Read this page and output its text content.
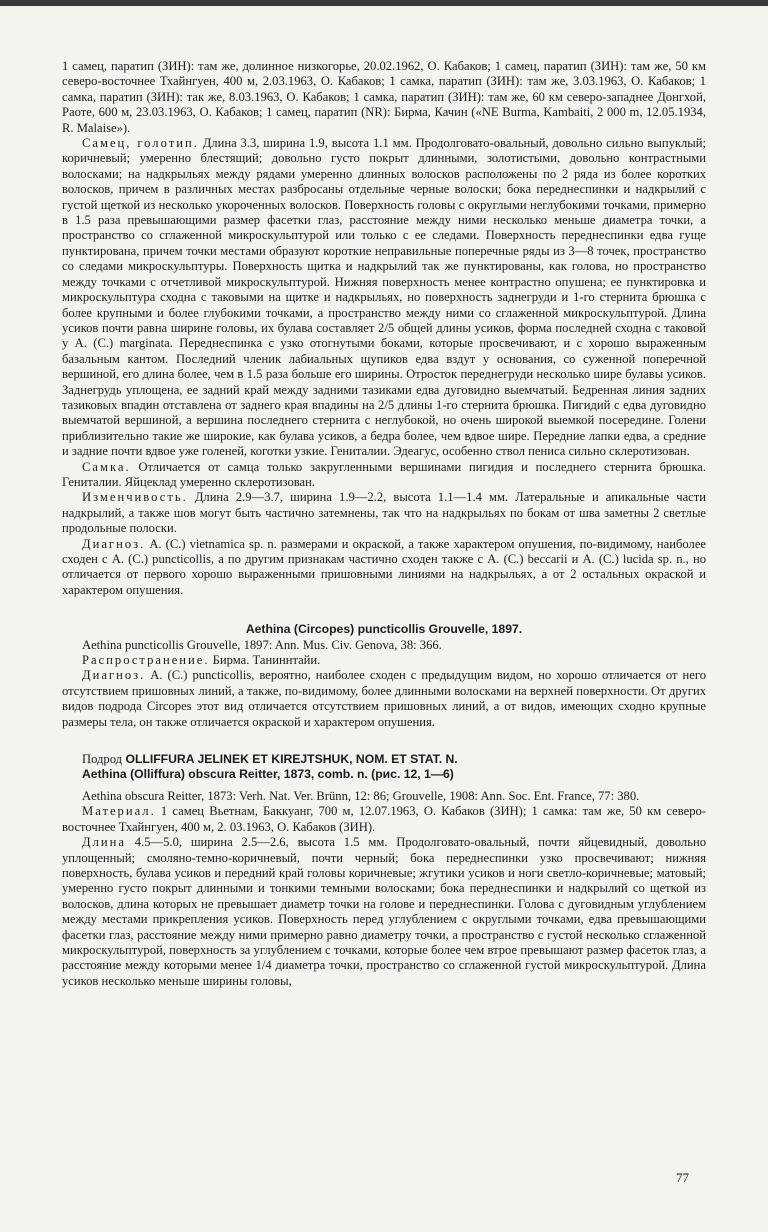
1 самец, паратип (ЗИН): там же, долинное низкогорье, 20.02.1962, О. Кабаков; 1 самец, паратип (ЗИН): там же, 50 км северо-восточнее Тхайнгуен, 400 м, 2.03.1963, О. Кабаков; 1 самка, паратип (ЗИН): там же, 3.03.1963, О. Кабаков; 1 самка, паратип (ЗИН): так же, 8.03.1963, О. Кабаков; 1 самка, паратип (ЗИН): там же, 60 км северо-западнее Донгхой, Раоте, 600 м, 23.03.1963, О. Кабаков; 1 самец, паратип (NR): Бирма, Качин («NE Burma, Kambaiti, 2 000 m, 12.05.1934, R. Malaise»).

Самец, голотип. Длина 3.3, ширина 1.9, высота 1.1 мм. Продолговато-овальный, довольно сильно выпуклый; коричневый; умеренно блестящий; довольно густо покрыт длинными, золотистыми, довольно контрастными волосками; на надкрыльях между рядами умеренно длинных волосков расположены по 2 ряда из более коротких волосков, причем в различных местах разбросаны отдельные черные волоски; бока переднеспинки и надкрылий с густой щеткой из несколько укороченных волосков. Поверхность головы с округлыми неглубокими точками, примерно в 1.5 раза превышающими размер фасетки глаз, расстояние между ними несколько меньше диаметра точки, а пространство со сглаженной микроскульптурой или только с ее следами. Поверхность переднеспинки едва гуще пунктирована, причем точки местами образуют короткие неправильные поперечные ряды из 3—8 точек, пространство со следами микроскульптуры. Поверхность щитка и надкрылий так же пунктированы, как голова, но пространство между точками с отчетливой микроскульптурой. Нижняя поверхность менее контрастно опушена; ее пунктировка и микроскульптура сходна с таковыми на щитке и надкрыльях, но поверхность заднегруди и 1-го стернита брюшка с более крупными и более глубокими точками, а пространство между ними со сглаженной микроскульптурой. Длина усиков почти равна ширине головы, их булава составляет 2/5 общей длины усиков, форма последней сходна с таковой у A. (C.) marginata. Переднеспинка с узко отогнутыми боками, которые просвечивают, и с хорошо выраженным базальным кантом. Последний членик лабиальных щупиков едва вздут у основания, со суженной поперечной вершиной, его длина более, чем в 1.5 раза больше его ширины. Отросток переднегруди несколько шире булавы усиков. Заднегрудь уплощена, ее задний край между задними тазиками едва дуговидно выемчатый. Бедренная линия задних тазиковых впадин отставлена от заднего края впадины на 2/5 длины 1-го стернита брюшка. Пигидий с едва дуговидно выемчатой вершиной, а вершина последнего стернита с неглубокой, но очень широкой выемкой посередине. Голени приблизительно такие же широкие, как булава усиков, а бедра более, чем вдвое шире. Передние лапки едва, а средние и задние почти вдвое уже голеней, коготки узкие. Гениталии. Эдеагус, особенно ствол пениса сильно склеротизован.

Самка. Отличается от самца только закругленными вершинами пигидия и последнего стернита брюшка. Гениталии. Яйцеклад умеренно склеротизован.

Изменчивость. Длина 2.9—3.7, ширина 1.9—2.2, высота 1.1—1.4 мм. Латеральные и апикальные части надкрылий, а также шов могут быть частично затемнены, так что на надкрыльях по бокам от шва заметны 2 светлые продольные полоски.

Диагноз. A. (C.) vietnamica sp. n. размерами и окраской, а также характером опушения, по-видимому, наиболее сходен с A. (C.) puncticollis, а по другим признакам частично сходен также с A. (C.) beccarii и A. (C.) lucida sp. n., но отличается от первого хорошо выраженными пришовными линиями на надкрыльях, а от 2 остальных окраской и характером опушения.

Aethina (Circopes) puncticollis Grouvelle, 1897.

Aethina puncticollis Grouvelle, 1897: Ann. Mus. Civ. Genova, 38: 366.

Распространение. Бирма. Таниннтайи.

Диагноз. A. (C.) puncticollis, вероятно, наиболее сходен с предыдущим видом, но хорошо отличается от него отсутствием пришовных линий, а также, по-видимому, более длинными волосками на верхней поверхности. От других видов подрода Circopes этот вид отличается отсутствием пришовных линий, а от видов, имеющих сходно крупные размеры тела, он также отличается окраской и характером опушения.

Подрод OLLIFFURA JELINEK ET KIREJTSHUK, NOM. ET STAT. N.

Aethina (Olliffura) obscura Reitter, 1873, comb. n. (рис. 12, 1—6)

Aethina obscura Reitter, 1873: Verh. Nat. Ver. Brünn, 12: 86; Grouvelle, 1908: Ann. Soc. Ent. France, 77: 380.

Материал. 1 самец Вьетнам, Баккуанг, 700 м, 12.07.1963, О. Кабаков (ЗИН); 1 самка: там же, 50 км северо-восточнее Тхайнгуен, 400 м, 2. 03.1963, О. Кабаков (ЗИН).

Длина 4.5—5.0, ширина 2.5—2.6, высота 1.5 мм. Продолговато-овальный, почти яйцевидный, довольно уплощенный; смоляно-темно-коричневый, почти черный; бока переднеспинки узко просвечивают; нижняя поверхность, булава усиков и передний край головы коричневые; жгутики усиков и ноги светло-коричневые; матовый; умеренно густо покрыт длинными и тонкими темными волосками; бока переднеспинки и надкрылий со щеткой из волосков, длина которых не превышает диаметр точки на голове и переднеспинки. Голова с дуговидным углублением между местами прикрепления усиков. Поверхность перед углублением с округлыми точками, едва превышающими фасетки глаз, расстояние между ними примерно равно диаметру точки, а пространство с густой несколько сглаженной микроскульптурой, поверхность за углублением с точками, которые более чем втрое превышают размер фасеток глаз, а расстояние между которыми менее 1/4 диаметра точки, пространство со сглаженной густой микроскульптурой. Длина усиков несколько меньше ширины головы,

77
